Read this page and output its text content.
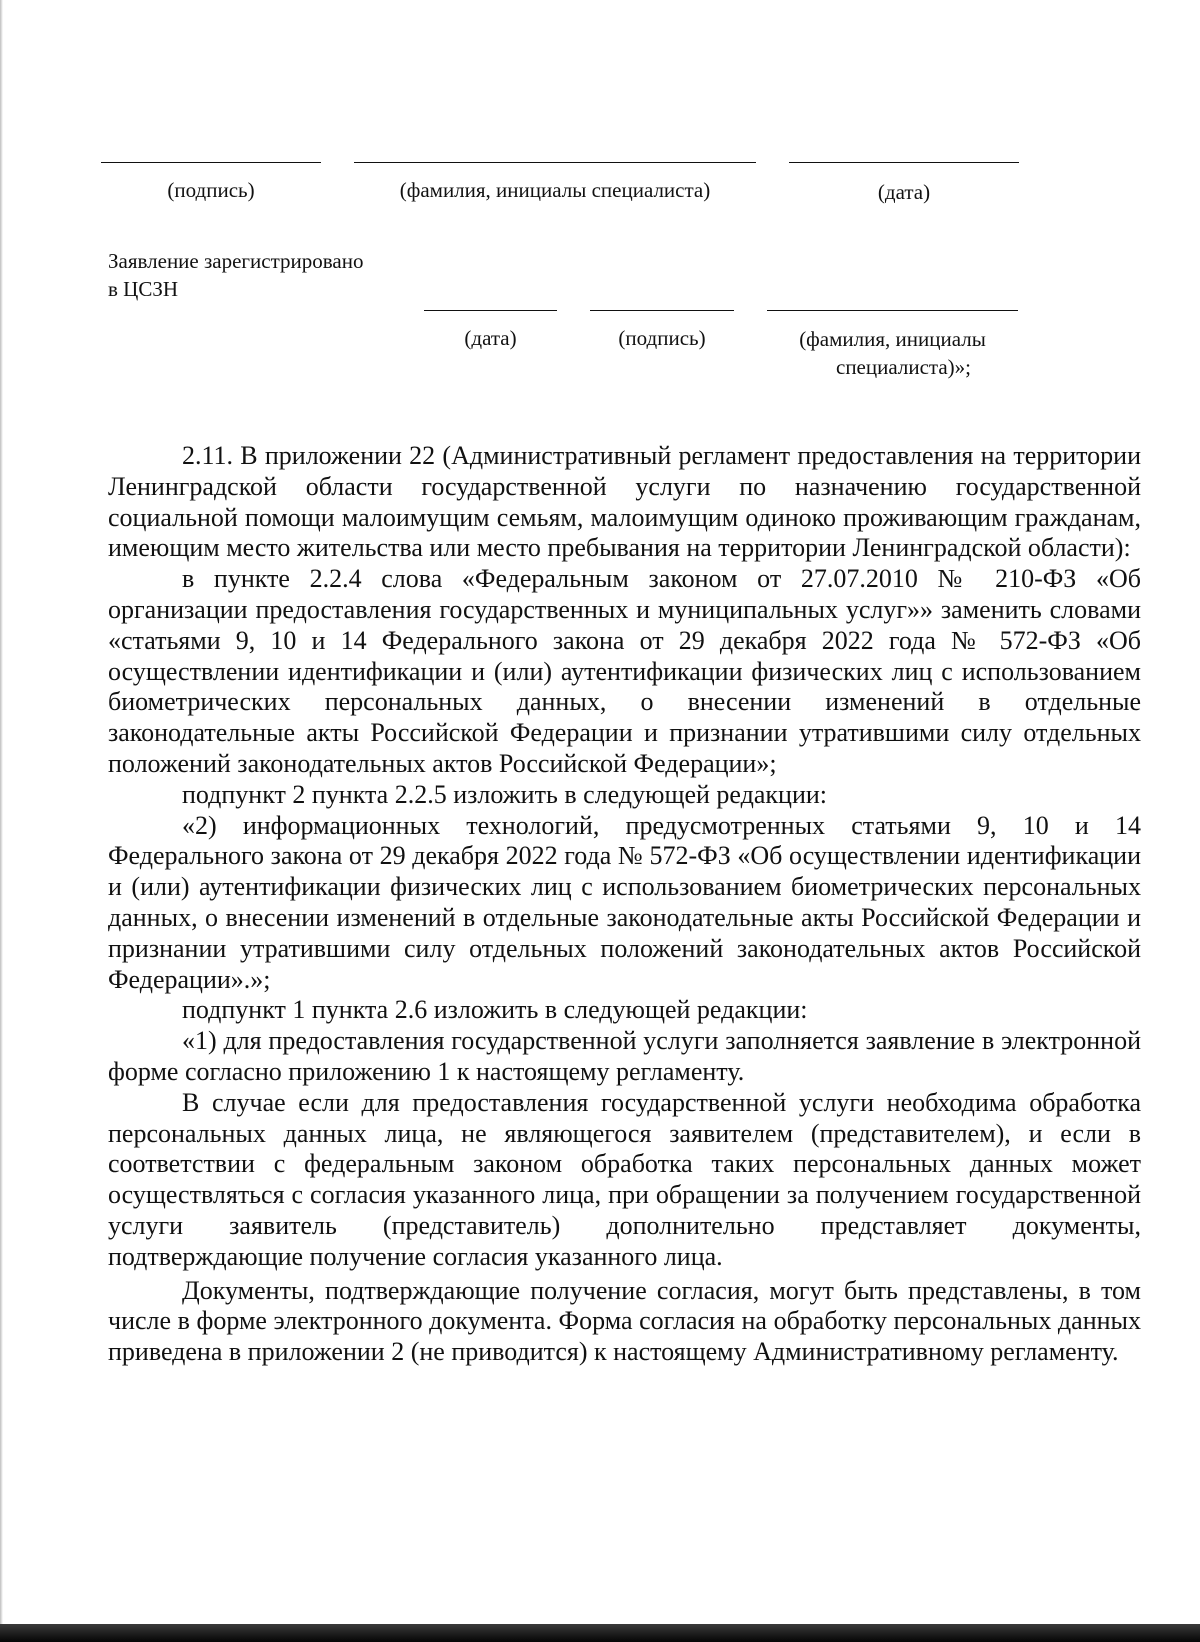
(подпись)	(фамилия, инициалы специалиста)	(дата)
Заявление зарегистрировано
в ЦСЗН
(дата)	(подпись)	(фамилия, инициалы
специалиста)»;

2.11. В приложении 22 (Административный регламент предоставления на территории Ленинградской области государственной услуги по назначению государственной социальной помощи малоимущим семьям, малоимущим одиноко проживающим гражданам, имеющим место жительства или место пребывания на территории Ленинградской области):

в пункте 2.2.4 слова «Федеральным законом от 27.07.2010 № 210-ФЗ «Об организации предоставления государственных и муниципальных услуг»» заменить словами «статьями 9, 10 и 14 Федерального закона от 29 декабря 2022 года № 572-ФЗ «Об осуществлении идентификации и (или) аутентификации физических лиц с использованием биометрических персональных данных, о внесении изменений в отдельные законодательные акты Российской Федерации и признании утратившими силу отдельных положений законодательных актов Российской Федерации»;

подпункт 2 пункта 2.2.5 изложить в следующей редакции:

«2) информационных технологий, предусмотренных статьями 9, 10 и 14 Федерального закона от 29 декабря 2022 года № 572-ФЗ «Об осуществлении идентификации и (или) аутентификации физических лиц с использованием биометрических персональных данных, о внесении изменений в отдельные законодательные акты Российской Федерации и признании утратившими силу отдельных положений законодательных актов Российской Федерации».»;

подпункт 1 пункта 2.6 изложить в следующей редакции:

«1) для предоставления государственной услуги заполняется заявление в электронной форме согласно приложению 1 к настоящему регламенту.

В случае если для предоставления государственной услуги необходима обработка персональных данных лица, не являющегося заявителем (представителем), и если в соответствии с федеральным законом обработка таких персональных данных может осуществляться с согласия указанного лица, при обращении за получением государственной услуги заявитель (представитель) дополнительно представляет документы, подтверждающие получение согласия указанного лица.

Документы, подтверждающие получение согласия, могут быть представлены, в том числе в форме электронного документа. Форма согласия на обработку персональных данных приведена в приложении 2 (не приводится) к настоящему Административному регламенту.
